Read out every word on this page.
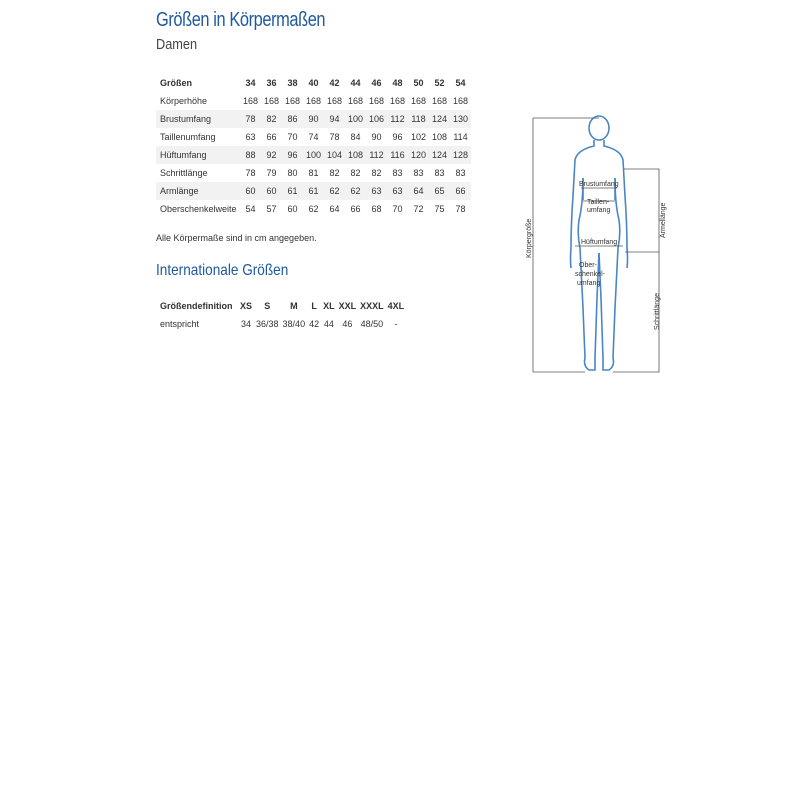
Größen in Körpermaßen
Damen
Größen	34	36	38	40	42	44	46	48	50	52	54
Körperhöhe	168	168	168	168	168	168	168	168	168	168	168
Brustumfang	78	82	86	90	94	100	106	112	118	124	130
Taillenumfang	63	66	70	74	78	84	90	96	102	108	114
Hüftumfang	88	92	96	100	104	108	112	116	120	124	128
Schrittlänge	78	79	80	81	82	82	82	83	83	83	83
Armlänge	60	60	61	61	62	62	63	63	64	65	66
Oberschenkelweite	54	57	60	62	64	66	68	70	72	75	78

Alle Körpermaße sind in cm angegeben.

Internationale Größen
Größendefinition	XS	S	M	L	XL	XXL	XXXL	4XL
entspricht	34	36/38	38/40	42	44	46	48/50	-
Brustumfang
Taillen-
umfang
Hüftumfang
Ober-
schenkel-
umfang
Körpergröße	Ärmellänge
Schrittlänge
